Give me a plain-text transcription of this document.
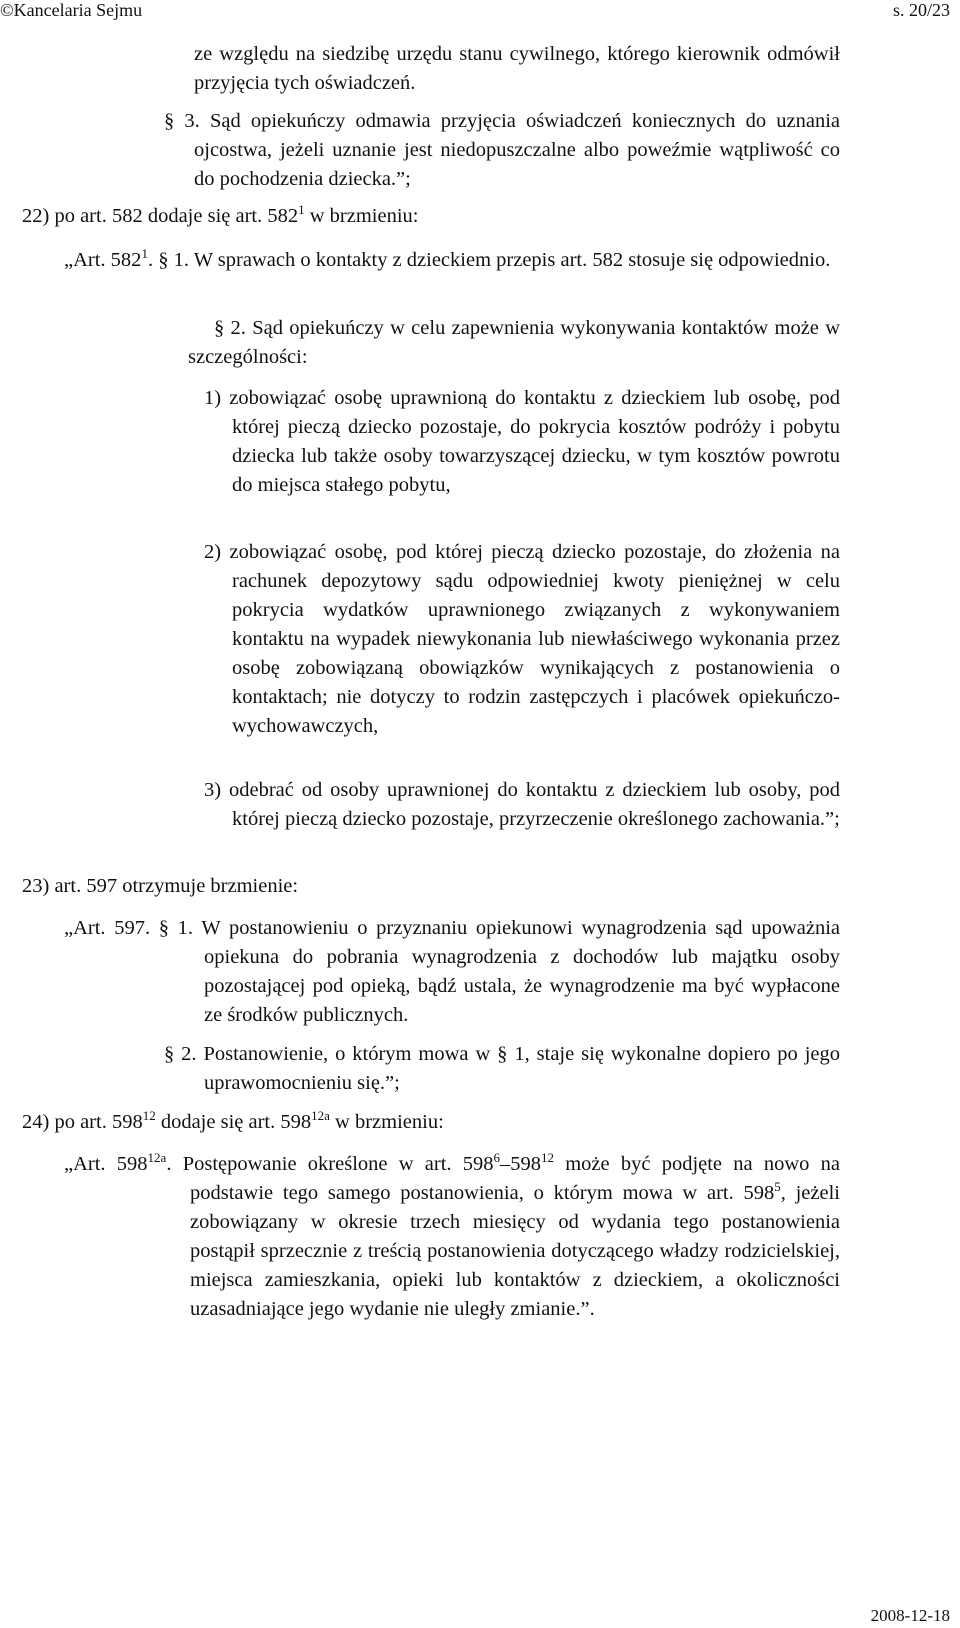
©Kancelaria Sejmu	s. 20/23
ze względu na siedzibę urzędu stanu cywilnego, którego kierownik odmówił przyjęcia tych oświadczeń.
§ 3. Sąd opiekuńczy odmawia przyjęcia oświadczeń koniecznych do uznania ojcostwa, jeżeli uznanie jest niedopuszczalne albo poweźmie wątpliwość co do pochodzenia dziecka.”;
22) po art. 582 dodaje się art. $582^1$ w brzmieniu:
„Art. $582^1$. § 1. W sprawach o kontakty z dzieckiem przepis art. 582 stosuje się odpowiednio.
§ 2. Sąd opiekuńczy w celu zapewnienia wykonywania kontaktów może w szczególności:
1) zobowiązać osobę uprawnioną do kontaktu z dzieckiem lub osobę, pod której pieczą dziecko pozostaje, do pokrycia kosztów podróży i pobytu dziecka lub także osoby towarzyszącej dziecku, w tym kosztów powrotu do miejsca stałego pobytu,
2) zobowiązać osobę, pod której pieczą dziecko pozostaje, do złożenia na rachunek depozytowy sądu odpowiedniej kwoty pieniężnej w celu pokrycia wydatków uprawnionego związanych z wykonywaniem kontaktu na wypadek niewykonania lub niewłaściwego wykonania przez osobę zobowiązaną obowiązków wynikających z postanowienia o kontaktach; nie dotyczy to rodzin zastępczych i placówek opiekuńczo-wychowawczych,
3) odebrać od osoby uprawnionej do kontaktu z dzieckiem lub osoby, pod której pieczą dziecko pozostaje, przyrzeczenie określonego zachowania.”;
23) art. 597 otrzymuje brzmienie:
„Art. 597. § 1. W postanowieniu o przyznaniu opiekunowi wynagrodzenia sąd upoważnia opiekuna do pobrania wynagrodzenia z dochodów lub majątku osoby pozostającej pod opieką, bądź ustala, że wynagrodzenie ma być wypłacone ze środków publicznych.
§ 2. Postanowienie, o którym mowa w § 1, staje się wykonalne dopiero po jego uprawomocnieniu się.”;
24) po art. $598^{12}$ dodaje się art. $598^{12a}$ w brzmieniu:
„Art. $598^{12a}$. Postępowanie określone w art. $598^6-598^{12}$ może być podjęte na nowo na podstawie tego samego postanowienia, o którym mowa w art. $598^5$, jeżeli zobowiązany w okresie trzech miesięcy od wydania tego postanowienia postąpił sprzecznie z treścią postanowienia dotyczącego władzy rodzicielskiej, miejsca zamieszkania, opieki lub kontaktów z dzieckiem, a okoliczności uzasadniające jego wydanie nie uległy zmianie.”.
2008-12-18
